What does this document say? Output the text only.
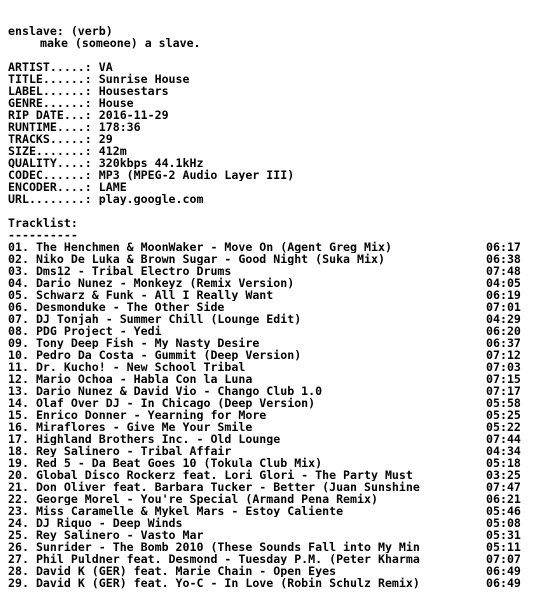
enslave: (verb)
make (someone) a slave.
ARTIST.....: VA
TITLE......: Sunrise House
LABEL......: Housestars
GENRE......: House
RIP DATE...: 2016-11-29
RUNTIME....: 178:36
TRACKS.....: 29
SIZE.......: 412m
QUALITY....: 320kbps 44.1kHz
CODEC......: MP3 (MPEG-2 Audio Layer III)
ENCODER....: LAME
URL........: play.google.com
Tracklist:
----------
01. The Henchmen & MoonWaker - Move On (Agent Greg Mix)	06:17
02. Niko De Luka & Brown Sugar - Good Night (Suka Mix)	06:38
03. Dms12 - Tribal Electro Drums	07:48
04. Dario Nunez - Monkeyz (Remix Version)	04:05
05. Schwarz & Funk - All I Really Want	06:19
06. Desmonduke - The Other Side	07:01
07. DJ Tonjah - Summer Chill (Lounge Edit)	04:29
08. PDG Project - Yedi	06:20
09. Tony Deep Fish - My Nasty Desire	06:37
10. Pedro Da Costa - Gummit (Deep Version)	07:12
11. Dr. Kucho! - New School Tribal	07:03
12. Mario Ochoa - Habla Con la Luna	07:15
13. Dario Nunez & David Vio - Chango Club 1.0	07:17
14. Olaf Over DJ - In Chicago (Deep Version)	05:58
15. Enrico Donner - Yearning for More	05:25
16. Miraflores - Give Me Your Smile	05:22
17. Highland Brothers Inc. - Old Lounge	07:44
18. Rey Salinero - Tribal Affair	04:34
19. Red 5 - Da Beat Goes 10 (Tokula Club Mix)	05:18
20. Global Disco Rockerz feat. Lori Glori - The Party Must	03:25
21. Don Oliver feat. Barbara Tucker - Better (Juan Sunshine	07:47
22. George Morel - You're Special (Armand Pena Remix)	06:21
23. Miss Caramelle & Mykel Mars - Estoy Caliente	05:46
24. DJ Riquo - Deep Winds	05:08
25. Rey Salinero - Vasto Mar	05:31
26. Sunrider - The Bomb 2010 (These Sounds Fall into My Min	05:11
27. Phil Puldner feat. Desmond - Tuesday P.M. (Peter Kharma	07:07
28. David K (GER) feat. Marie Chain - Open Eyes	06:49
29. David K (GER) feat. Yo-C - In Love (Robin Schulz Remix)	06:49
